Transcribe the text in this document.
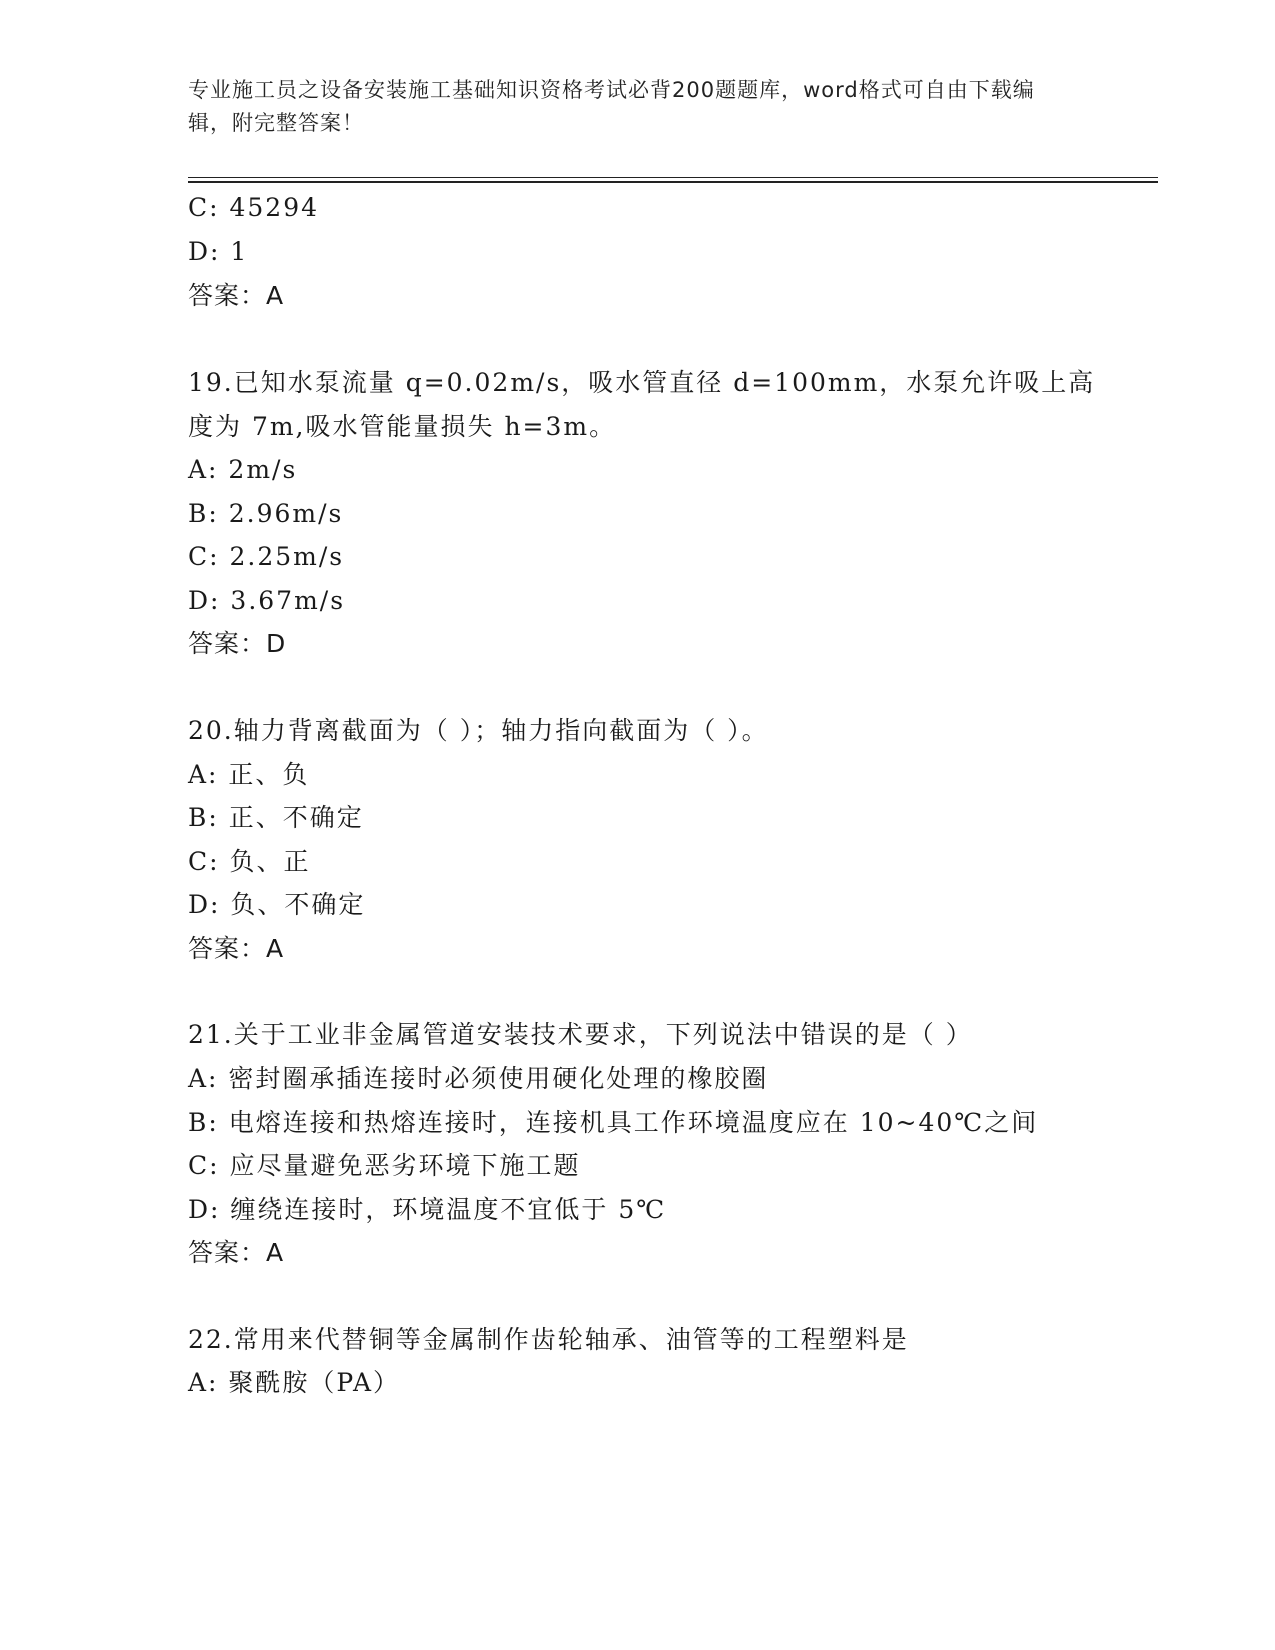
专业施工员之设备安装施工基础知识资格考试必背200题题库，word格式可自由下载编辑，附完整答案！
C: 45294
D: 1
答案：A
19.已知水泵流量 q=0.02m/s，吸水管直径 d=100mm，水泵允许吸上高
度为 7m,吸水管能量损失 h=3m。
A: 2m/s
B: 2.96m/s
C: 2.25m/s
D: 3.67m/s
答案：D
20.轴力背离截面为（ ）；轴力指向截面为（ ）。
A: 正、负
B: 正、不确定
C: 负、正
D: 负、不确定
答案：A
21.关于工业非金属管道安装技术要求，下列说法中错误的是（ ）
A: 密封圈承插连接时必须使用硬化处理的橡胶圈
B: 电熔连接和热熔连接时，连接机具工作环境温度应在 10~40℃之间
C: 应尽量避免恶劣环境下施工题
D: 缠绕连接时，环境温度不宜低于 5℃
答案：A
22.常用来代替铜等金属制作齿轮轴承、油管等的工程塑料是
A: 聚酰胺（PA）
